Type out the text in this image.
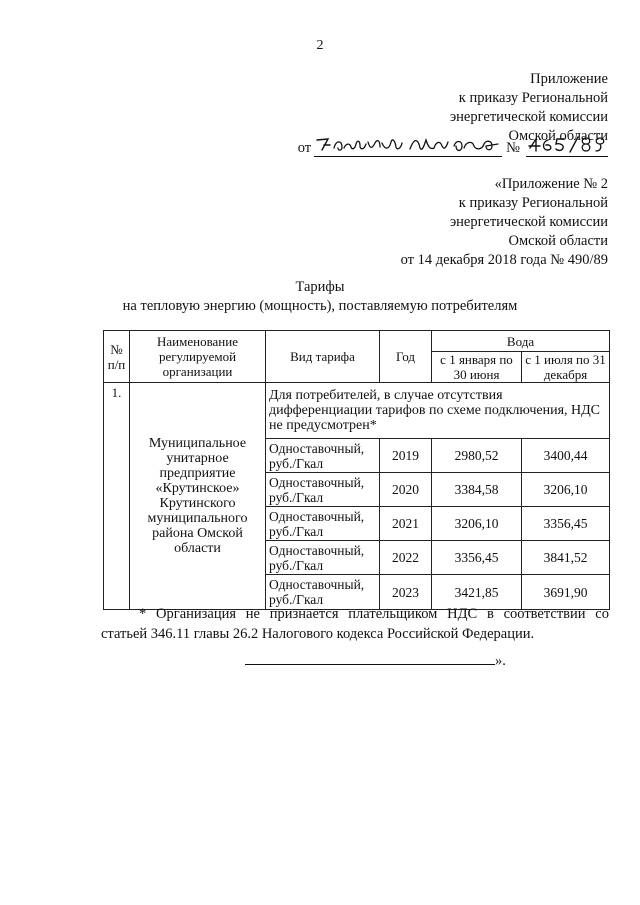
2
Приложение
к приказу Региональной
энергетической комиссии
Омской области
от	№
«Приложение № 2
к приказу Региональной
энергетической комиссии
Омской области
от 14 декабря 2018 года № 490/89
Тарифы
на тепловую энергию (мощность), поставляемую потребителям
№ п/п	Наименование регулируемой организации	Вид тарифа	Год	Вода	
				с 1 января по 30 июня	с 1 июля по 31 декабря
1.	Муниципальное унитарное предприятие «Крутинское» Крутинского муниципального района Омской области	Для потребителей, в случае отсутствия дифференциации тарифов по схеме подключения, НДС не предусмотрен*			
		Одноставочный, руб./Гкал	2019	2980,52	3400,44
		Одноставочный, руб./Гкал	2020	3384,58	3206,10
		Одноставочный, руб./Гкал	2021	3206,10	3356,45
		Одноставочный, руб./Гкал	2022	3356,45	3841,52
		Одноставочный, руб./Гкал	2023	3421,85	3691,90
* Организация не признается плательщиком НДС в соответствии со статьей 346.11 главы 26.2 Налогового кодекса Российской Федерации.
».
